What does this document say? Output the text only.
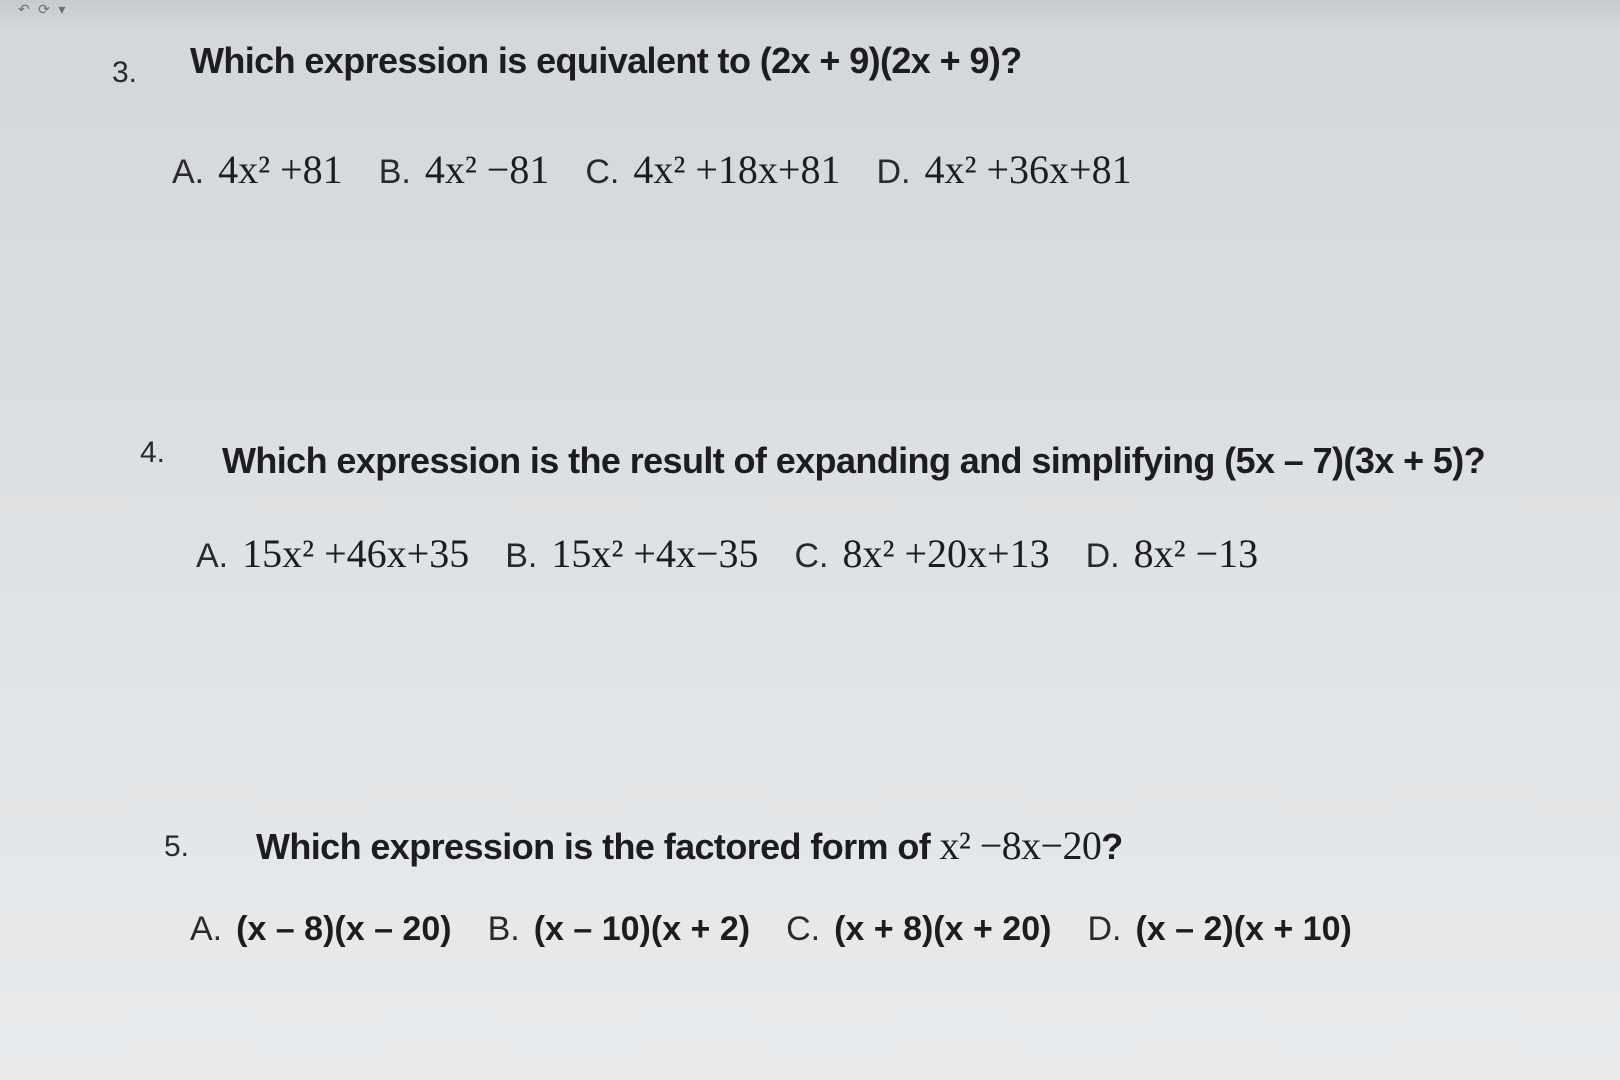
↶ ⟳ ▾
3. Which expression is equivalent to (2x + 9)(2x + 9)?
A. 4x² +81 B. 4x² −81 C. 4x² +18x+81 D. 4x² +36x+81
4. Which expression is the result of expanding and simplifying (5x – 7)(3x + 5)?
A. 15x² +46x+35 B. 15x² +4x−35 C. 8x² +20x+13 D. 8x² −13
5. Which expression is the factored form of x² −8x−20?
A. (x – 8)(x – 20) B. (x – 10)(x + 2) C. (x + 8)(x + 20) D. (x – 2)(x + 10)
